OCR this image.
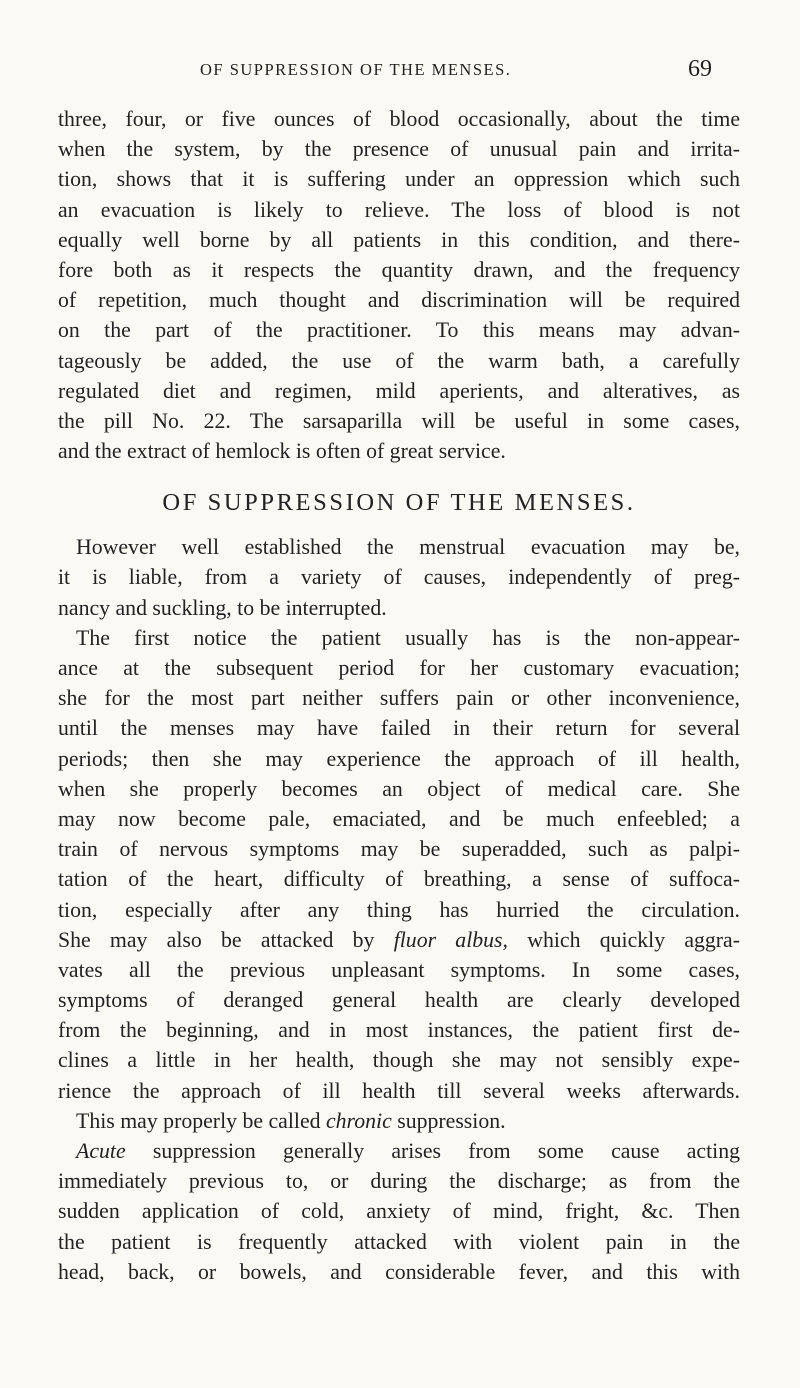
OF SUPPRESSION OF THE MENSES.	69
three, four, or five ounces of blood occasionally, about the time
when the system, by the presence of unusual pain and irrita-
tion, shows that it is suffering under an oppression which such
an evacuation is likely to relieve. The loss of blood is not
equally well borne by all patients in this condition, and there-
fore both as it respects the quantity drawn, and the frequency
of repetition, much thought and discrimination will be required
on the part of the practitioner. To this means may advan-
tageously be added, the use of the warm bath, a carefully
regulated diet and regimen, mild aperients, and alteratives, as
the pill No. 22. The sarsaparilla will be useful in some cases,
and the extract of hemlock is often of great service.
OF SUPPRESSION OF THE MENSES.
However well established the menstrual evacuation may be,
it is liable, from a variety of causes, independently of preg-
nancy and suckling, to be interrupted.
The first notice the patient usually has is the non-appear-
ance at the subsequent period for her customary evacuation;
she for the most part neither suffers pain or other inconvenience,
until the menses may have failed in their return for several
periods; then she may experience the approach of ill health,
when she properly becomes an object of medical care. She
may now become pale, emaciated, and be much enfeebled; a
train of nervous symptoms may be superadded, such as palpi-
tation of the heart, difficulty of breathing, a sense of suffoca-
tion, especially after any thing has hurried the circulation.
She may also be attacked by fluor albus, which quickly aggra-
vates all the previous unpleasant symptoms. In some cases,
symptoms of deranged general health are clearly developed
from the beginning, and in most instances, the patient first de-
clines a little in her health, though she may not sensibly expe-
rience the approach of ill health till several weeks afterwards.
This may properly be called chronic suppression.
Acute suppression generally arises from some cause acting
immediately previous to, or during the discharge; as from the
sudden application of cold, anxiety of mind, fright, &c. Then
the patient is frequently attacked with violent pain in the
head, back, or bowels, and considerable fever, and this with
